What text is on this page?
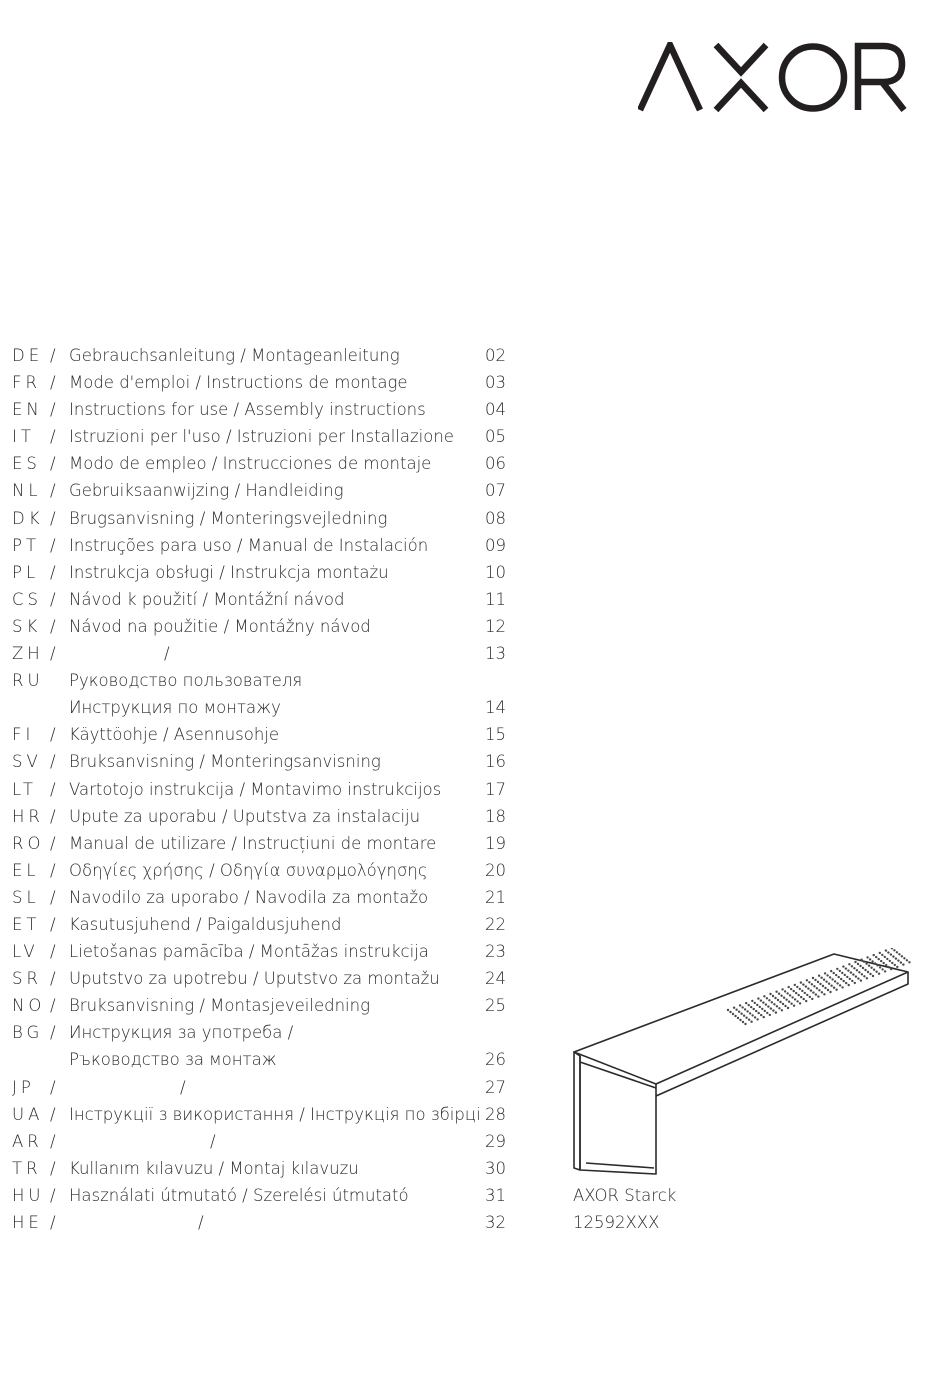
DE / Gebrauchsanleitung / Montageanleitung	02
FR / Mode d'emploi / Instructions de montage	03
EN / Instructions for use / Assembly instructions	04
IT / Istruzioni per l'uso / Istruzioni per Installazione 05
ES / Modo de empleo / Instrucciones de montaje	06
NL / Gebruiksaanwijzing / Handleiding	07
DK / Brugsanvisning / Monteringsvejledning	08
PT / Instruções para uso / Manual de Instalación	09
PL / Instrukcja obsługi / Instrukcja montażu	10
CS / Návod k použití / Montážní návod	11
SK / Návod na použitie / Montážny návod	12
ZH /	/	13
RU	Руководство пользователя
Инструкция по монтажу	14
FI / Käyttöohje / Asennusohje	15
SV / Bruksanvisning / Monteringsanvisning	16
LT / Vartotojo instrukcija / Montavimo instrukcijos	17
HR / Upute za uporabu / Uputstva za instalaciju	18
RO / Manual de utilizare / Instrucțiuni de montare	19
EL / Οδηγίες χρήσης / Οδηγία συναρμολόγησης	20
SL / Navodilo za uporabo / Navodila za montažo	21
ET / Kasutusjuhend / Paigaldusjuhend	22
LV / Lietošanas pamācība / Montāžas instrukcija	23
SR / Uputstvo za upotrebu / Uputstvo za montažu	24
NO / Bruksanvisning / Montasjeveiledning	25
BG / Инструкция за употреба /
Ръководство за монтаж	26
JP /	/	27
UA / Інструкції з використання / Інструкція по збірці 28
AR /	/	29
TR / Kullanım kılavuzu / Montaj kılavuzu	30
HU / Használati útmutató / Szerelési útmutató	31
HE /	/	32
AXOR Starck
12592XXX
